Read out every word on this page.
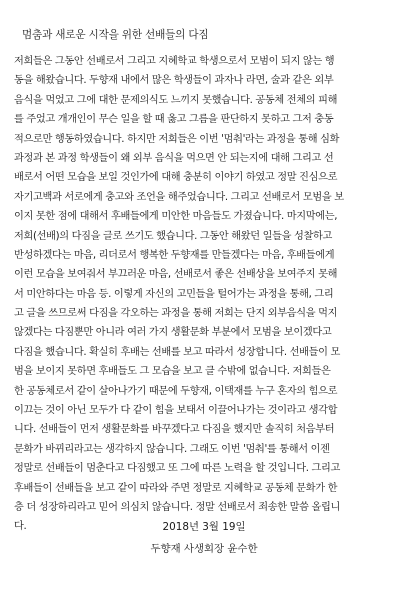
멈춤과 새로운 시작을 위한 선배들의 다짐
저희들은 그동안 선배로서 그리고 지혜학교 학생으로서 모범이 되지 않는 행
동을 해왔습니다. 두향재 내에서 많은 학생들이 과자나 라면, 술과 같은 외부
음식을 먹었고 그에 대한 문제의식도 느끼지 못했습니다. 공동체 전체의 피해
를 주었고 개개인이 무슨 일을 할 때 옳고 그름을 판단하지 못하고 그저 충동
적으로만 행동하였습니다. 하지만 저희들은 이번 '멈춰'라는 과정을 통해 심화
과정과 본 과정 학생들이 왜 외부 음식을 먹으면 안 되는지에 대해 그리고 선
배로서 어떤 모습을 보일 것인가에 대해 충분히 이야기 하였고 정말 진심으로
자기고백과 서로에게 충고와 조언을 해주었습니다. 그리고 선배로서 모범을 보
이지 못한 점에 대해서 후배들에게 미안한 마음들도 가졌습니다. 마지막에는,
저희(선배)의 다짐을 글로 쓰기도 했습니다. 그동안 해왔던 일들을 성찰하고
반성하겠다는 마음, 리더로서 행복한 두향재를 만들겠다는 마음, 후배들에게
이런 모습을 보여줘서 부끄러운 마음, 선배로서 좋은 선배상을 보여주지 못해
서 미안하다는 마음 등. 이렇게 자신의 고민들을 털어가는 과정을 통해, 그리
고 글을 쓰므로써 다짐을 각오하는 과정을 통해 저희는 단지 외부음식을 먹지
않겠다는 다짐뿐만 아니라 여러 가지 생활문화 부분에서 모범을 보이겠다고
다짐을 했습니다. 확실히 후배는 선배를 보고 따라서 성장합니다. 선배들이 모
범을 보이지 못하면 후배들도 그 모습을 보고 클 수밖에 없습니다. 저희들은
한 공동체로서 같이 살아나가기 때문에 두향재, 이택재를 누구 혼자의 힘으로
이끄는 것이 아닌 모두가 다 같이 힘을 보태서 이끌어나가는 것이라고 생각합
니다. 선배들이 먼저 생활문화를 바꾸겠다고 다짐을 했지만 솔직히 처음부터
문화가 바뀌리라고는 생각하지 않습니다. 그래도 이번 '멈춰'를 통해서 이젠
정말로 선배들이 멈춘다고 다짐했고 또 그에 따른 노력을 할 것입니다. 그리고
후배들이 선배들을 보고 같이 따라와 주면 정말로 지혜학교 공동체 문화가 한
층 더 성장하리라고 믿어 의심치 않습니다. 정말 선배로서 죄송한 말씀 올립니
다.	2018년 3월 19일
두향재 사생회장 윤수한
